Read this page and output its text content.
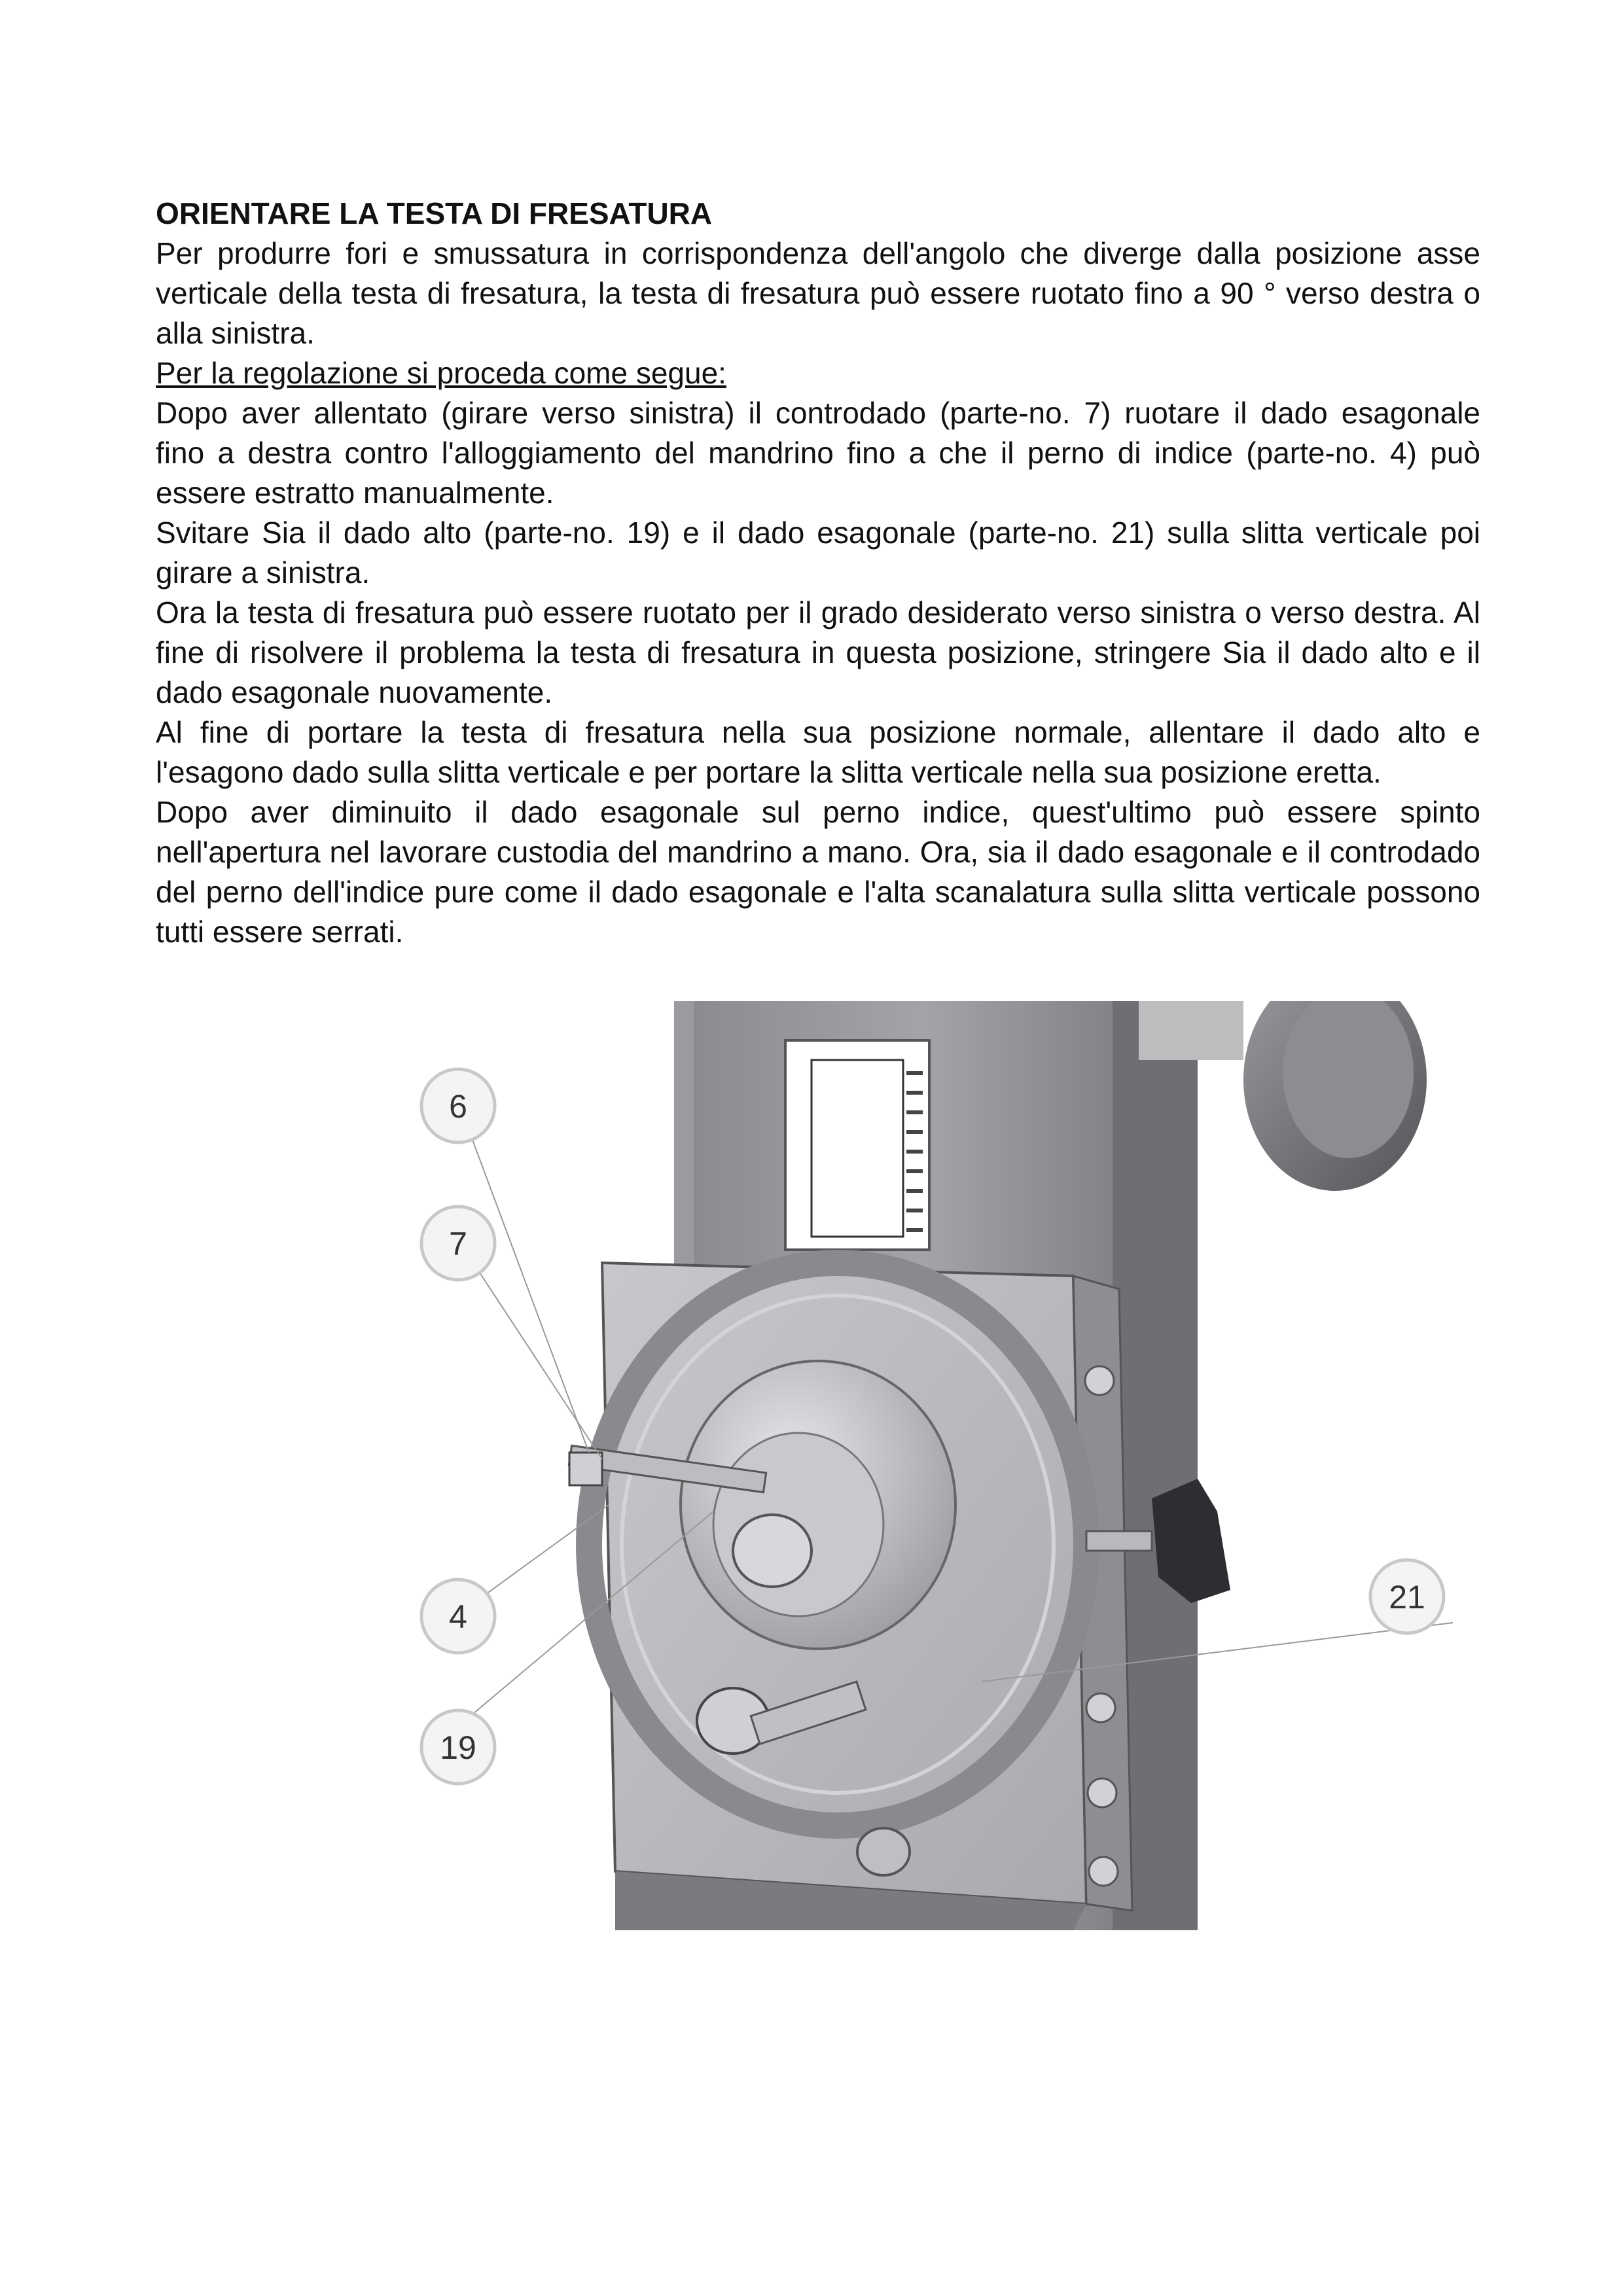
ORIENTARE LA TESTA DI FRESATURA
Per produrre fori e smussatura in corrispondenza dell'angolo che diverge dalla posizione asse
verticale della testa di fresatura, la testa di fresatura può essere ruotato fino a 90 ° verso destra o
alla sinistra.
Per la regolazione si proceda come segue:
Dopo aver allentato (girare verso sinistra) il controdado (parte-no. 7) ruotare il dado esagonale
fino a destra contro l'alloggiamento del mandrino fino a che il perno di indice (parte-no. 4) può
essere estratto manualmente.
Svitare Sia il dado alto (parte-no. 19) e il dado esagonale (parte-no. 21) sulla slitta verticale poi
girare a sinistra.
Ora la testa di fresatura può essere ruotato per il grado desiderato verso sinistra o verso destra. Al
fine di risolvere il problema la testa di fresatura in questa posizione, stringere Sia il dado alto e il
dado esagonale nuovamente.
Al fine di portare la testa di fresatura nella sua posizione normale, allentare il dado alto e
l'esagono dado sulla slitta verticale e per portare la slitta verticale nella sua posizione eretta.
Dopo aver diminuito il dado esagonale sul perno indice, quest'ultimo può essere spinto
nell'apertura nel lavorare custodia del mandrino a mano. Ora, sia il dado esagonale e il controdado
del perno dell'indice pure come il dado esagonale e l'alta scanalatura sulla slitta verticale possono
tutti essere serrati.
6
7
4
19
21
